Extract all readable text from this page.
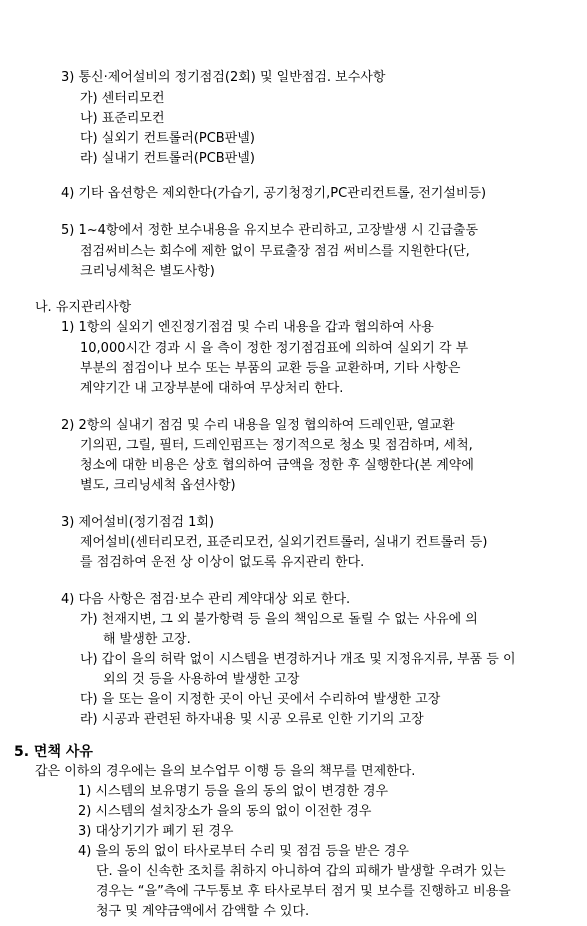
3) 통신·제어설비의 정기점검(2회) 및 일반점검. 보수사항
가) 센터리모컨
나) 표준리모컨
다) 실외기 컨트롤러(PCB판넬)
라) 실내기 컨트롤러(PCB판넬)
4) 기타 옵션항은 제외한다(가습기, 공기청정기,PC관리컨트롤, 전기설비등)
5) 1~4항에서 정한 보수내용을 유지보수 관리하고, 고장발생 시 긴급출동
점검써비스는 회수에 제한 없이 무료출장 점검 써비스를 지원한다(단,
크리닝세척은 별도사항)
나. 유지관리사항
1) 1항의 실외기 엔진정기점검 및 수리 내용을 갑과 협의하여 사용
10,000시간 경과 시 을 측이 정한 정기점검표에 의하여 실외기 각 부
부분의 점검이나 보수 또는 부품의 교환 등을 교환하며, 기타 사항은
계약기간 내 고장부분에 대하여 무상처리 한다.
2) 2항의 실내기 점검 및 수리 내용을 일정 협의하여 드레인판, 열교환
기의핀, 그릴, 필터, 드레인펌프는 정기적으로 청소 및 점검하며, 세척,
청소에 대한 비용은 상호 협의하여 금액을 정한 후 실행한다(본 계약에
별도, 크리닝세척 옵션사항)
3) 제어설비(정기점검 1회)
제어설비(센터리모컨, 표준리모컨, 실외기컨트롤러, 실내기 컨트롤러 등)
를 점검하여 운전 상 이상이 없도록 유지관리 한다.
4) 다음 사항은 점검·보수 관리 계약대상 외로 한다.
가) 천재지변, 그 외 불가항력 등 을의 책임으로 돌릴 수 없는 사유에 의
해 발생한 고장.
나) 갑이 을의 허락 없이 시스템을 변경하거나 개조 및 지정유지류, 부품 등 이
외의 것 등을 사용하여 발생한 고장
다) 을 또는 을이 지정한 곳이 아닌 곳에서 수리하여 발생한 고장
라) 시공과 관련된 하자내용 및 시공 오류로 인한 기기의 고장
5. 면책 사유
갑은 이하의 경우에는 을의 보수업무 이행 등 을의 책무를 면제한다.
1) 시스템의 보유명기 등을 을의 동의 없이 변경한 경우
2) 시스템의 설치장소가 을의 동의 없이 이전한 경우
3) 대상기기가 폐기 된 경우
4) 을의 동의 없이 타사로부터 수리 및 점검 등을 받은 경우
단. 을이 신속한 조치를 취하지 아니하여 갑의 피해가 발생할 우려가 있는
경우는 “을”측에 구두통보 후 타사로부터 점거 및 보수를 진행하고 비용을
청구 및 계약금액에서 감액할 수 있다.
